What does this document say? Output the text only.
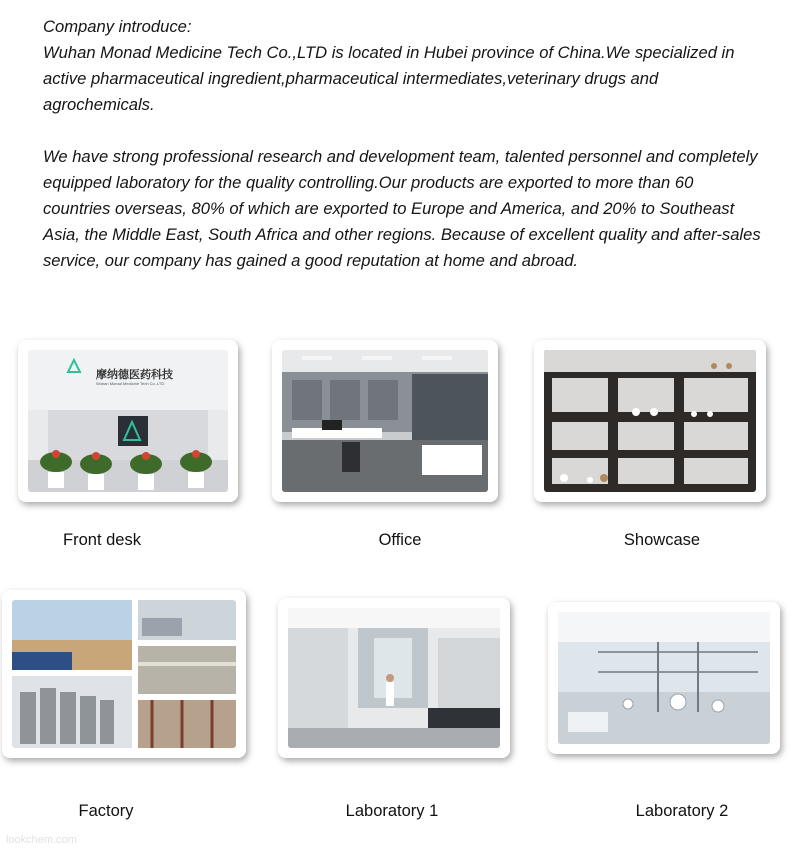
Company introduce:

Wuhan Monad Medicine Tech Co.,LTD is located in Hubei province of China.We specialized in active pharmaceutical ingredient,pharmaceutical intermediates,veterinary drugs and agrochemicals.

We have strong professional research and development team, talented personnel and completely equipped laboratory for the quality controlling.Our products are exported to more than 60 countries overseas, 80% of which are exported to Europe and America, and 20% to Southeast Asia, the Middle East, South Africa and other regions. Because of excellent quality and after-sales service, our company has gained a good reputation at home and abroad.

摩纳德医药科技
Wuhan Monad Medicine Tech Co.,LTD
Front desk	Office	Showcase
Factory	Laboratory 1	Laboratory 2
lookchem.com
